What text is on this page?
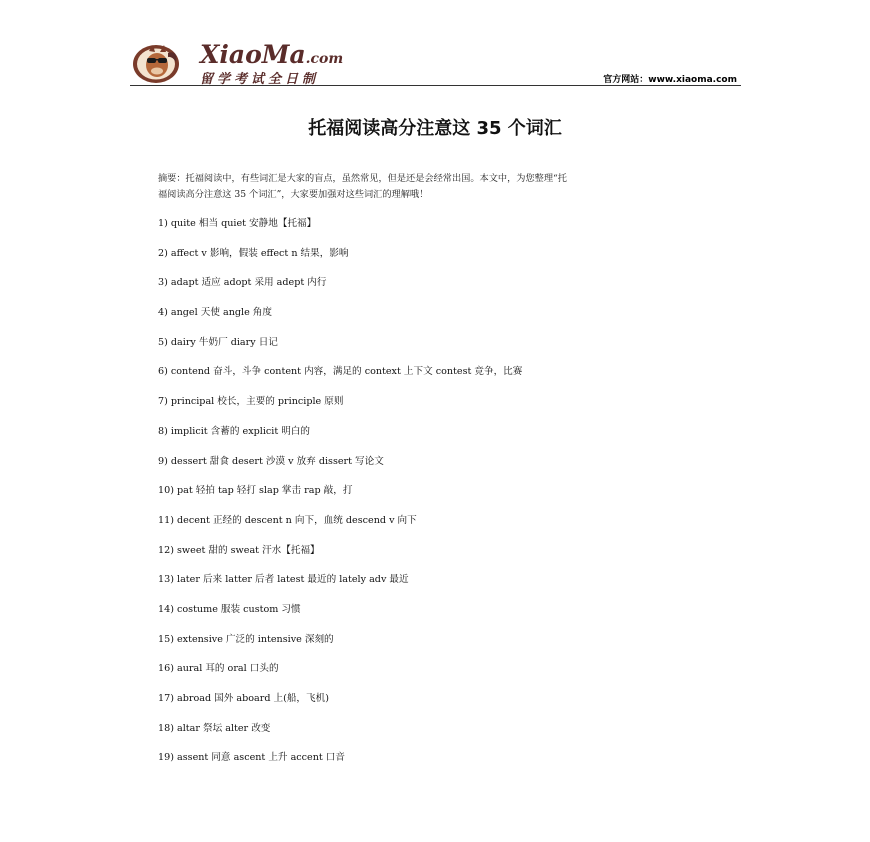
XiaoMa.com
留学考试全日制	官方网站：www.xiaoma.com
托福阅读高分注意这 35 个词汇
摘要：托福阅读中，有些词汇是大家的盲点，虽然常见，但是还是会经常出国。本文中，为您整理“托
福阅读高分注意这 35 个词汇”，大家要加强对这些词汇的理解哦！
1) quite 相当 quiet 安静地【托福】
2) affect v 影响，假装 effect n 结果，影响
3) adapt 适应 adopt 采用 adept 内行
4) angel 天使 angle 角度
5) dairy 牛奶厂 diary 日记
6) contend 奋斗，斗争 content 内容，满足的 context 上下文 contest 竞争，比赛
7) principal 校长，主要的 principle 原则
8) implicit 含蓄的 explicit 明白的
9) dessert 甜食 desert 沙漠 v 放弃 dissert 写论文
10) pat 轻拍 tap 轻打 slap 掌击 rap 敲，打
11) decent 正经的 descent n 向下，血统 descend v 向下
12) sweet 甜的 sweat 汗水【托福】
13) later 后来 latter 后者 latest 最近的 lately adv 最近
14) costume 服装 custom 习惯
15) extensive 广泛的 intensive 深刻的
16) aural 耳的 oral 口头的
17) abroad 国外 aboard 上(船，飞机)
18) altar 祭坛 alter 改变
19) assent 同意 ascent 上升 accent 口音
